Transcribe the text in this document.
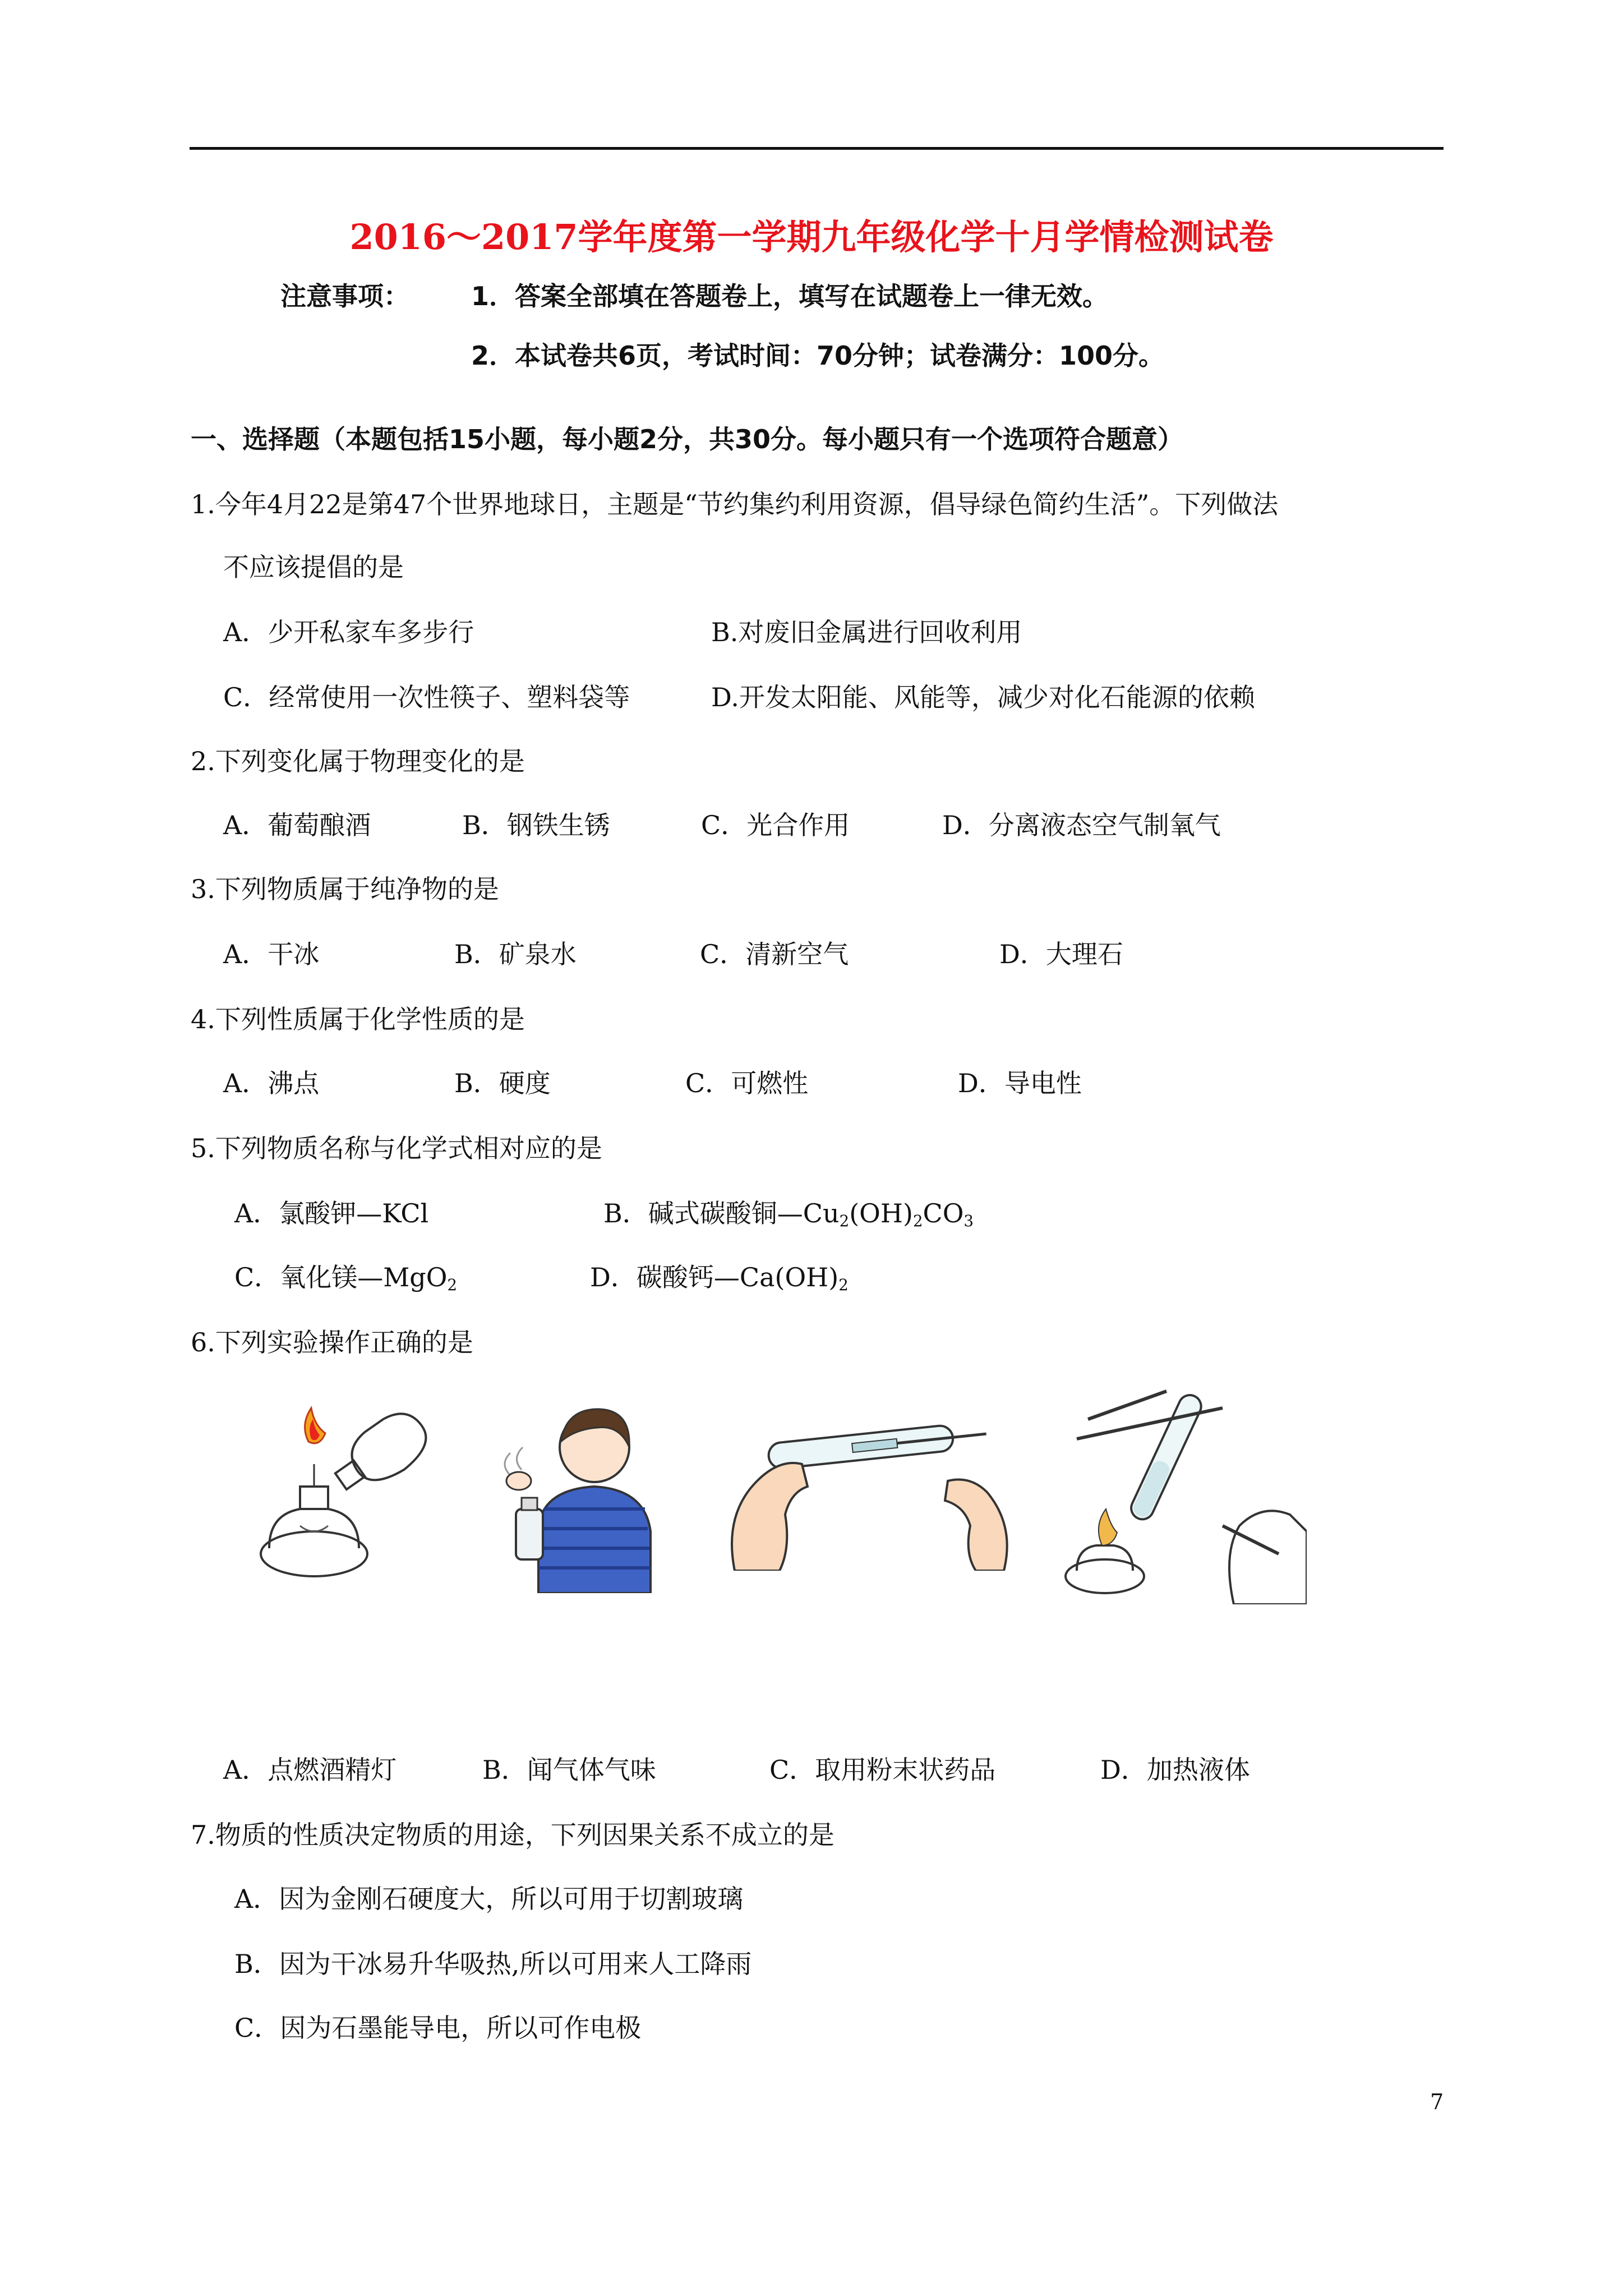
2016～2017学年度第一学期九年级化学十月学情检测试卷
注意事项： 1．答案全部填在答题卷上，填写在试题卷上一律无效。
2．本试卷共6页，考试时间：70分钟；试卷满分：100分。
一、选择题（本题包括15小题，每小题2分，共30分。每小题只有一个选项符合题意）
1.今年4月22是第47个世界地球日，主题是“节约集约利用资源，倡导绿色简约生活”。下列做法
不应该提倡的是
A．少开私家车多步行	B.对废旧金属进行回收利用
C．经常使用一次性筷子、塑料袋等	D.开发太阳能、风能等，减少对化石能源的依赖
2.下列变化属于物理变化的是
A．葡萄酿酒	B．钢铁生锈	C．光合作用	D．分离液态空气制氧气
3.下列物质属于纯净物的是
A．干冰	B．矿泉水	C．清新空气	D．大理石
4.下列性质属于化学性质的是
A．沸点	B．硬度	C．可燃性	D．导电性
5.下列物质名称与化学式相对应的是
A．氯酸钾—KCl	B．碱式碳酸铜$—Cu_2(OH)_2CO_3$
C．氧化镁—MgO$_2$	D．碳酸钙$—Ca(OH)_2$
6.下列实验操作正确的是
A．点燃酒精灯	B．闻气体气味	C．取用粉末状药品	D．加热液体
7.物质的性质决定物质的用途，下列因果关系不成立的是
A．因为金刚石硬度大，所以可用于切割玻璃
B．因为干冰易升华吸热,所以可用来人工降雨
C．因为石墨能导电，所以可作电极
7
